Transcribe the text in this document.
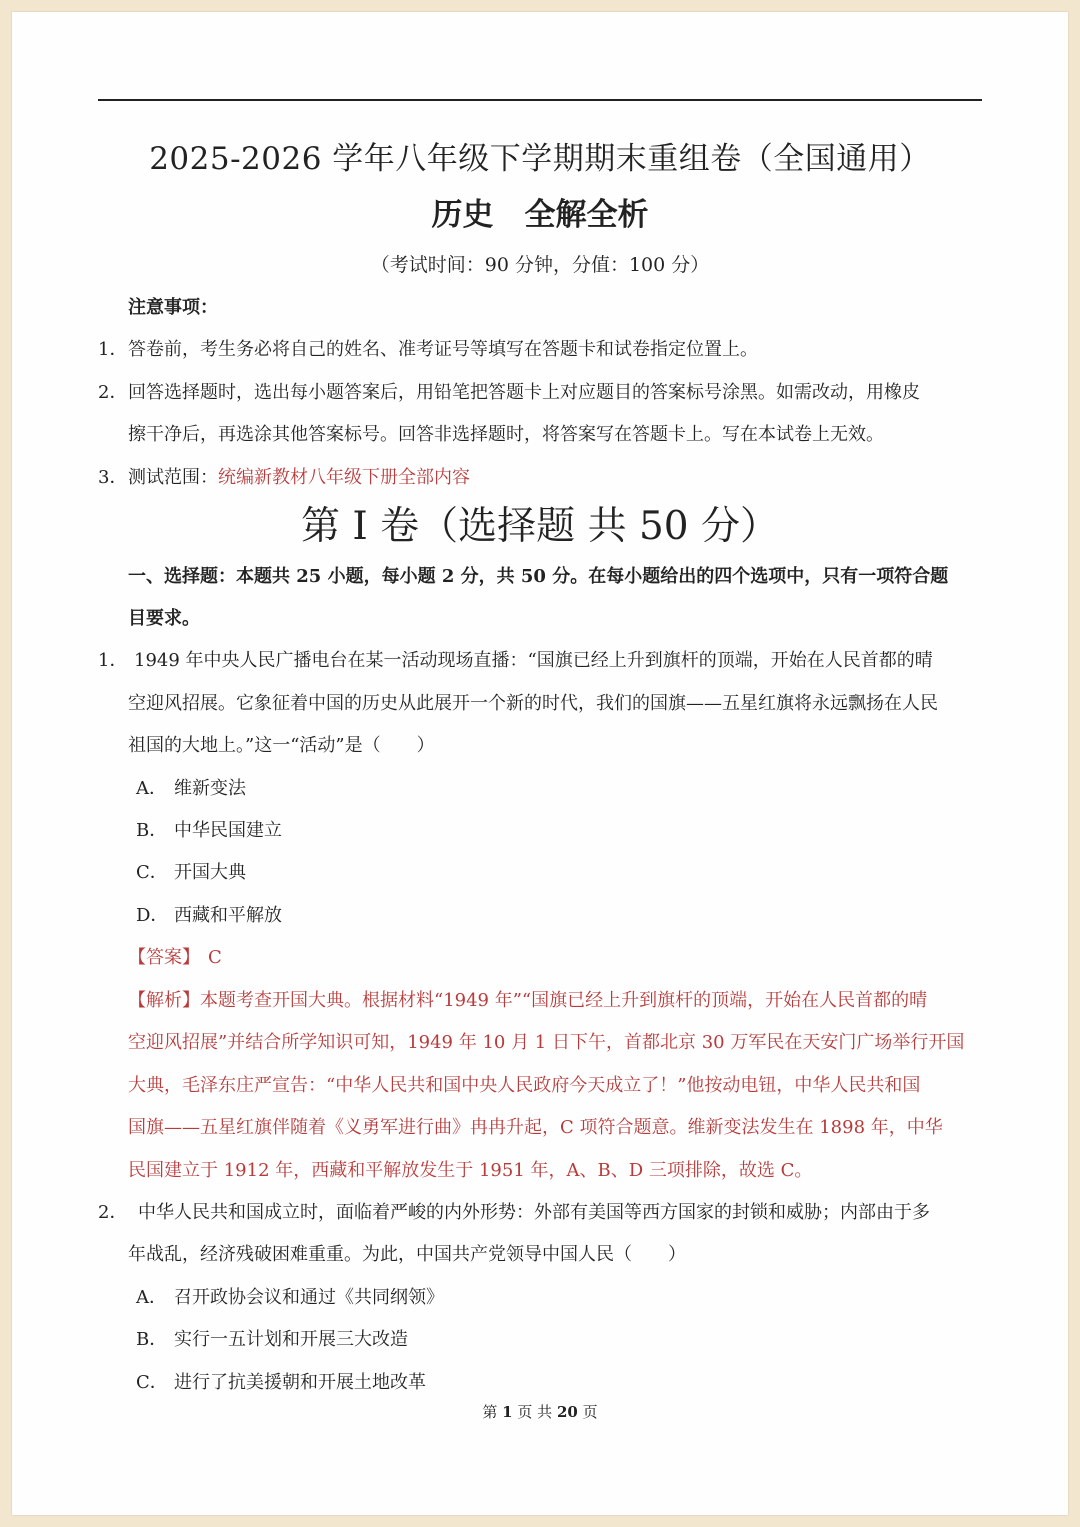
2025-2026 学年八年级下学期期末重组卷（全国通用）
历史　全解全析
（考试时间：90 分钟，分值：100 分）
注意事项：
1．答卷前，考生务必将自己的姓名、准考证号等填写在答题卡和试卷指定位置上。
2．回答选择题时，选出每小题答案后，用铅笔把答题卡上对应题目的答案标号涂黑。如需改动，用橡皮
擦干净后，再选涂其他答案标号。回答非选择题时，将答案写在答题卡上。写在本试卷上无效。
3．测试范围：统编新教材八年级下册全部内容
第 I 卷（选择题 共 50 分）
一、选择题：本题共 25 小题，每小题 2 分，共 50 分。在每小题给出的四个选项中，只有一项符合题
目要求。
1． 1949 年中央人民广播电台在某一活动现场直播：“国旗已经上升到旗杆的顶端，开始在人民首都的晴
空迎风招展。它象征着中国的历史从此展开一个新的时代，我们的国旗——五星红旗将永远飘扬在人民
祖国的大地上。”这一“活动”是（　　）
A． 维新变法
B． 中华民国建立
C． 开国大典
D． 西藏和平解放
【答案】 C
【解析】本题考查开国大典。根据材料“1949 年”“国旗已经上升到旗杆的顶端，开始在人民首都的晴
空迎风招展”并结合所学知识可知，1949 年 10 月 1 日下午，首都北京 30 万军民在天安门广场举行开国
大典，毛泽东庄严宣告：“中华人民共和国中央人民政府今天成立了！”他按动电钮，中华人民共和国
国旗——五星红旗伴随着《义勇军进行曲》冉冉升起，C 项符合题意。维新变法发生在 1898 年，中华
民国建立于 1912 年，西藏和平解放发生于 1951 年，A、B、D 三项排除，故选 C。
2． 中华人民共和国成立时，面临着严峻的内外形势：外部有美国等西方国家的封锁和威胁；内部由于多
年战乱，经济残破困难重重。为此，中国共产党领导中国人民（　　）
A． 召开政协会议和通过《共同纲领》
B． 实行一五计划和开展三大改造
C． 进行了抗美援朝和开展土地改革
第 1 页 共 20 页
